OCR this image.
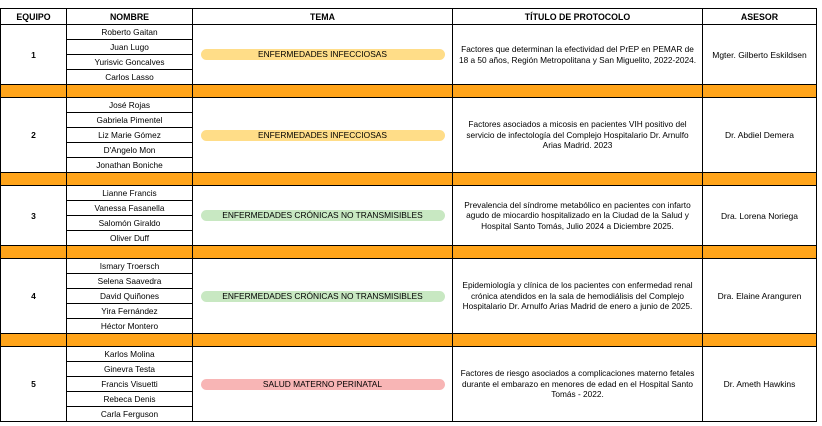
EQUIPO	NOMBRE	TEMA	TÍTULO DE PROTOCOLO	ASESOR
1	Roberto Gaitan	ENFERMEDADES INFECCIOSAS	Factores que determinan la efectividad del PrEP en PEMAR de 18 a 50 años, Región Metropolitana y San Miguelito, 2022-2024.	Mgter. Gilberto Eskildsen
	Juan Lugo			
	Yurisvic Goncalves			
	Carlos Lasso			

2	José Rojas	ENFERMEDADES INFECCIOSAS	Factores asociados a micosis en pacientes VIH positivo del servicio de infectología del Complejo Hospitalario Dr. Arnulfo Arias Madrid. 2023	Dr. Abdiel Demera
	Gabriela Pimentel			
	Liz Marie Gómez			
	D'Angelo Mon			
	Jonathan Boniche			

3	Lianne Francis	ENFERMEDADES CRÓNICAS NO TRANSMISIBLES	Prevalencia del síndrome metabólico en pacientes con infarto agudo de miocardio hospitalizado en la Ciudad de la Salud y Hospital Santo Tomás, Julio 2024 a Diciembre 2025.	Dra. Lorena Noriega
	Vanessa Fasanella			
	Salomón Giraldo			
	Oliver Duff			

4	Ismary Troersch	ENFERMEDADES CRÓNICAS NO TRANSMISIBLES	Epidemiología y clínica de los pacientes con enfermedad renal crónica atendidos en la sala de hemodiálisis del Complejo Hospitalario Dr. Arnulfo Arias Madrid de enero a junio de 2025.	Dra. Elaine Aranguren
	Selena Saavedra			
	David Quiñones			
	Yira Fernández			
	Héctor Montero			

5	Karlos Molina	SALUD MATERNO PERINATAL	Factores de riesgo asociados a complicaciones materno fetales durante el embarazo en menores de edad en el Hospital Santo Tomás - 2022.	Dr. Ameth Hawkins
	Ginevra Testa			
	Francis Visuetti			
	Rebeca Denis			
	Carla Ferguson			
